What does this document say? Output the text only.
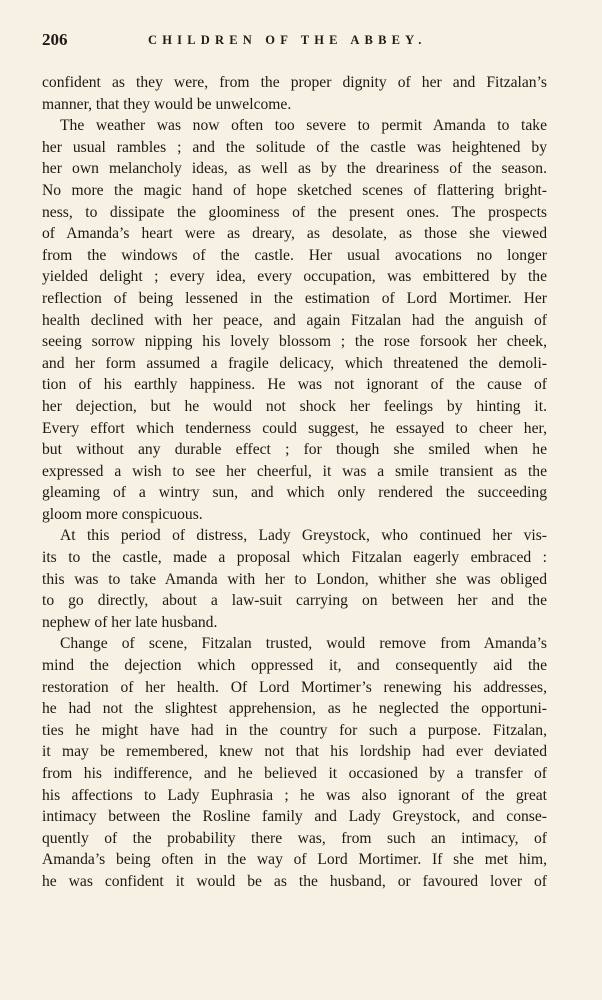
206	CHILDREN OF THE ABBEY.
confident as they were, from the proper dignity of her and Fitzalan’s
manner, that they would be unwelcome.
The weather was now often too severe to permit Amanda to take
her usual rambles ; and the solitude of the castle was heightened by
her own melancholy ideas, as well as by the dreariness of the season.
No more the magic hand of hope sketched scenes of flattering bright-
ness, to dissipate the gloominess of the present ones. The prospects
of Amanda’s heart were as dreary, as desolate, as those she viewed
from the windows of the castle. Her usual avocations no longer
yielded delight ; every idea, every occupation, was embittered by the
reflection of being lessened in the estimation of Lord Mortimer. Her
health declined with her peace, and again Fitzalan had the anguish of
seeing sorrow nipping his lovely blossom ; the rose forsook her cheek,
and her form assumed a fragile delicacy, which threatened the demoli-
tion of his earthly happiness. He was not ignorant of the cause of
her dejection, but he would not shock her feelings by hinting it.
Every effort which tenderness could suggest, he essayed to cheer her,
but without any durable effect ; for though she smiled when he
expressed a wish to see her cheerful, it was a smile transient as the
gleaming of a wintry sun, and which only rendered the succeeding
gloom more conspicuous.
At this period of distress, Lady Greystock, who continued her vis-
its to the castle, made a proposal which Fitzalan eagerly embraced :
this was to take Amanda with her to London, whither she was obliged
to go directly, about a law-suit carrying on between her and the
nephew of her late husband.
Change of scene, Fitzalan trusted, would remove from Amanda’s
mind the dejection which oppressed it, and consequently aid the
restoration of her health. Of Lord Mortimer’s renewing his addresses,
he had not the slightest apprehension, as he neglected the opportuni-
ties he might have had in the country for such a purpose. Fitzalan,
it may be remembered, knew not that his lordship had ever deviated
from his indifference, and he believed it occasioned by a transfer of
his affections to Lady Euphrasia ; he was also ignorant of the great
intimacy between the Rosline family and Lady Greystock, and conse-
quently of the probability there was, from such an intimacy, of
Amanda’s being often in the way of Lord Mortimer. If she met him,
he was confident it would be as the husband, or favoured lover of
